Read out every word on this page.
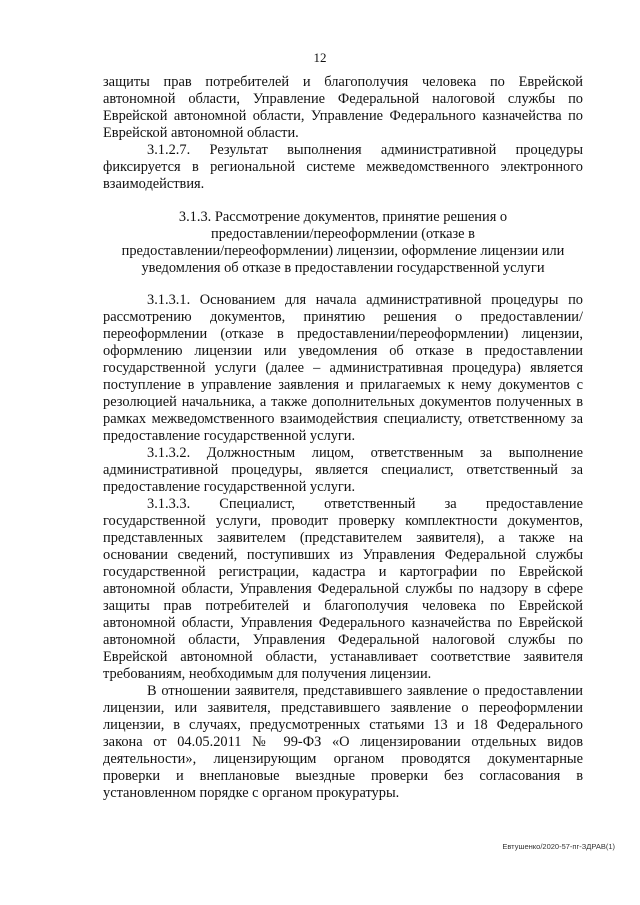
12

защиты прав потребителей и благополучия человека по Еврейской автономной области, Управление Федеральной налоговой службы по Еврейской автономной области, Управление Федерального казначейства по Еврейской автономной области.

3.1.2.7. Результат выполнения административной процедуры фиксируется в региональной системе межведомственного электронного взаимодействия.

3.1.3. Рассмотрение документов, принятие решения о
предоставлении/переоформлении (отказе в
предоставлении/переоформлении) лицензии, оформление лицензии или
уведомления об отказе в предоставлении государственной услуги

3.1.3.1. Основанием для начала административной процедуры по рассмотрению документов, принятию решения о предоставлении/ переоформлении (отказе в предоставлении/переоформлении) лицензии, оформлению лицензии или уведомления об отказе в предоставлении государственной услуги (далее – административная процедура) является поступление в управление заявления и прилагаемых к нему документов с резолюцией начальника, а также дополнительных документов полученных в рамках межведомственного взаимодействия специалисту, ответственному за предоставление государственной услуги.

3.1.3.2. Должностным лицом, ответственным за выполнение административной процедуры, является специалист, ответственный за предоставление государственной услуги.

3.1.3.3. Специалист, ответственный за предоставление государственной услуги, проводит проверку комплектности документов, представленных заявителем (представителем заявителя), а также на основании сведений, поступивших из Управления Федеральной службы государственной регистрации, кадастра и картографии по Еврейской автономной области, Управления Федеральной службы по надзору в сфере защиты прав потребителей и благополучия человека по Еврейской автономной области, Управления Федерального казначейства по Еврейской автономной области, Управления Федеральной налоговой службы по Еврейской автономной области, устанавливает соответствие заявителя требованиям, необходимым для получения лицензии.

В отношении заявителя, представившего заявление о предоставлении лицензии, или заявителя, представившего заявление о переоформлении лицензии, в случаях, предусмотренных статьями 13 и 18 Федерального закона от 04.05.2011 № 99-ФЗ «О лицензировании отдельных видов деятельности», лицензирующим органом проводятся документарные проверки и внеплановые выездные проверки без согласования в установленном порядке с органом прокуратуры.

Евтушенко/2020-57-пг-ЗДРАВ(1)
